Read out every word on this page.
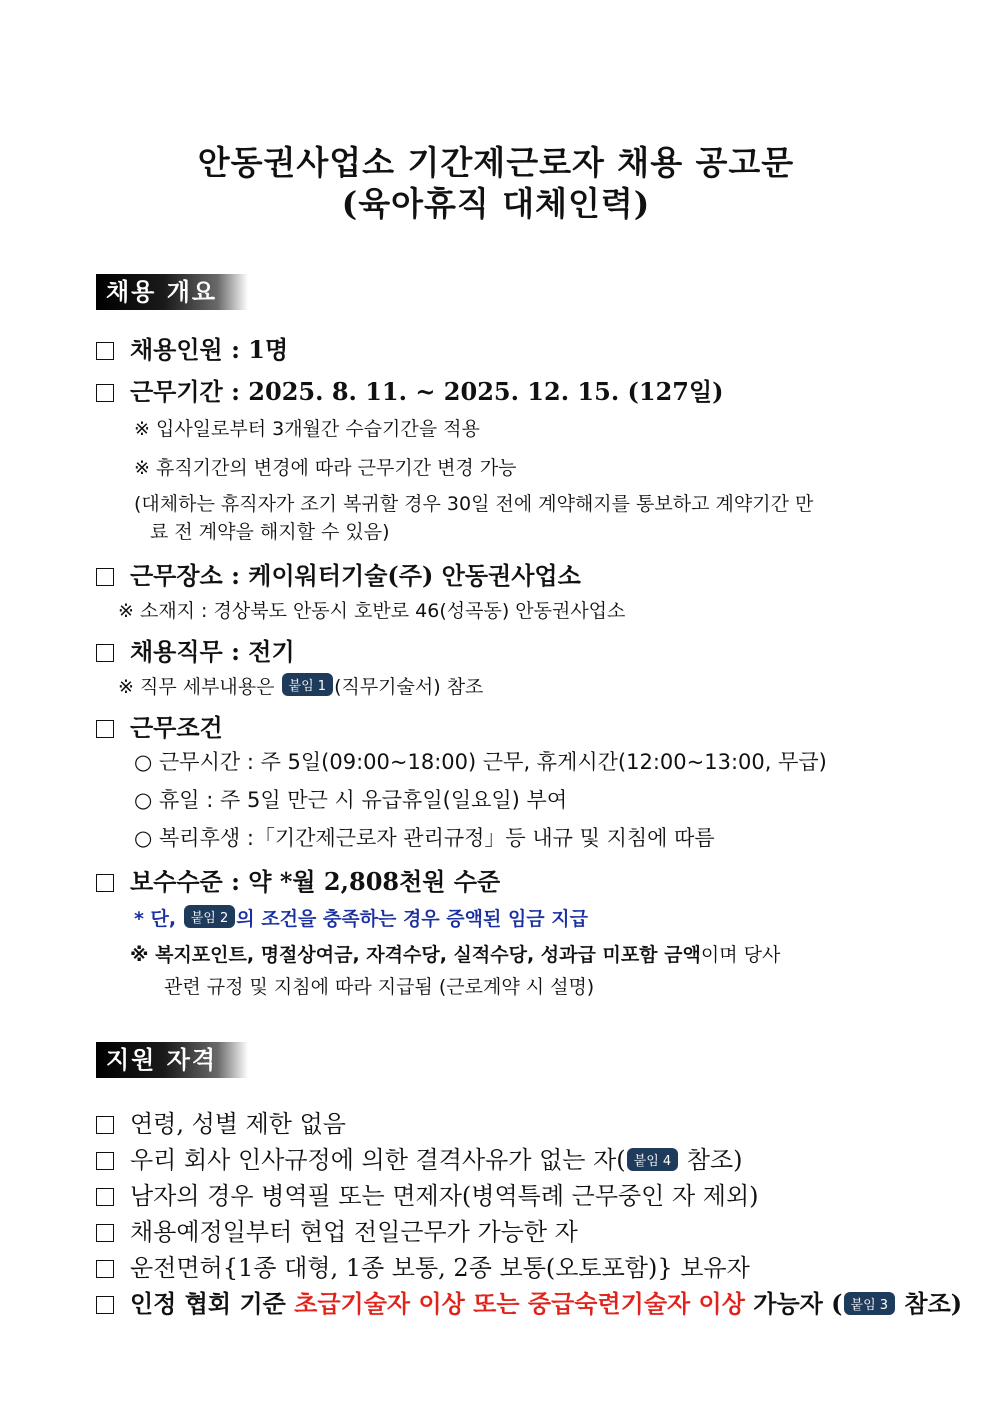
안동권사업소 기간제근로자 채용 공고문
(육아휴직 대체인력)
채용 개요
채용인원 : 1명
근무기간 : 2025. 8. 11. ~ 2025. 12. 15. (127일)
※ 입사일로부터 3개월간 수습기간을 적용
※ 휴직기간의 변경에 따라 근무기간 변경 가능
(대체하는 휴직자가 조기 복귀할 경우 30일 전에 계약해지를 통보하고 계약기간 만
료 전 계약을 해지할 수 있음)
근무장소 : 케이워터기술(주) 안동권사업소
※ 소재지 : 경상북도 안동시 호반로 46(성곡동) 안동권사업소
채용직무 : 전기
※ 직무 세부내용은 붙임 1 (직무기술서) 참조
근무조건
○ 근무시간 : 주 5일(09:00~18:00) 근무, 휴게시간(12:00~13:00, 무급)
○ 휴일 : 주 5일 만근 시 유급휴일(일요일) 부여
○ 복리후생 :「기간제근로자 관리규정」등 내규 및 지침에 따름
보수수준 : 약 *월 2,808천원 수준
* 단, 붙임 2 의 조건을 충족하는 경우 증액된 임금 지급
※ 복지포인트, 명절상여금, 자격수당, 실적수당, 성과급 미포함 금액이며 당사
관련 규정 및 지침에 따라 지급됨 (근로계약 시 설명)
지원 자격
연령, 성별 제한 없음
우리 회사 인사규정에 의한 결격사유가 없는 자( 붙임 4 참조)
남자의 경우 병역필 또는 면제자(병역특례 근무중인 자 제외)
채용예정일부터 현업 전일근무가 가능한 자
운전면허{1종 대형, 1종 보통, 2종 보통(오토포함)} 보유자
인정 협회 기준 초급기술자 이상 또는 중급숙련기술자 이상 가능자 ( 붙임 3 참조)
